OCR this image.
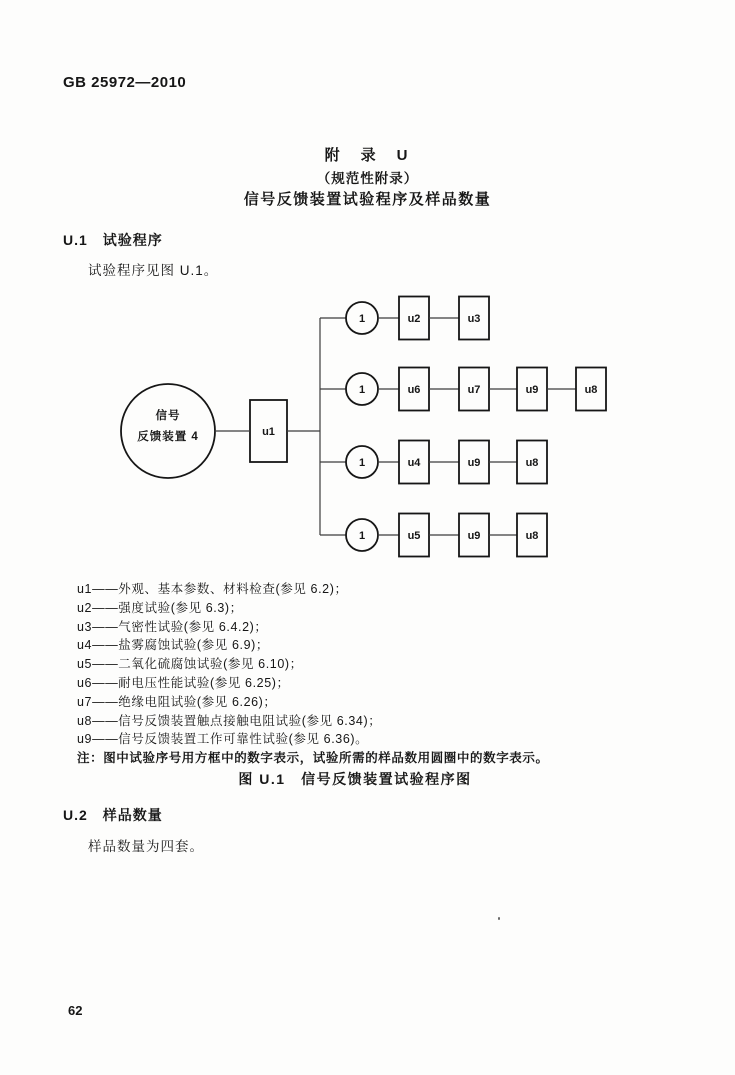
GB 25972—2010
附　录　U
（规范性附录）
信号反馈装置试验程序及样品数量
U.1　试验程序
试验程序见图 U.1。
信号
反馈装置 4	u1
1	u2	u3
1	u6	u7	u9	u8
1	u4	u9	u8
1	u5	u9	u8
u1——外观、基本参数、材料检查(参见 6.2)；
u2——强度试验(参见 6.3)；
u3——气密性试验(参见 6.4.2)；
u4——盐雾腐蚀试验(参见 6.9)；
u5——二氧化硫腐蚀试验(参见 6.10)；
u6——耐电压性能试验(参见 6.25)；
u7——绝缘电阻试验(参见 6.26)；
u8——信号反馈装置触点接触电阻试验(参见 6.34)；
u9——信号反馈装置工作可靠性试验(参见 6.36)。
注：图中试验序号用方框中的数字表示，试验所需的样品数用圆圈中的数字表示。
图 U.1　信号反馈装置试验程序图
U.2　样品数量
样品数量为四套。
62
